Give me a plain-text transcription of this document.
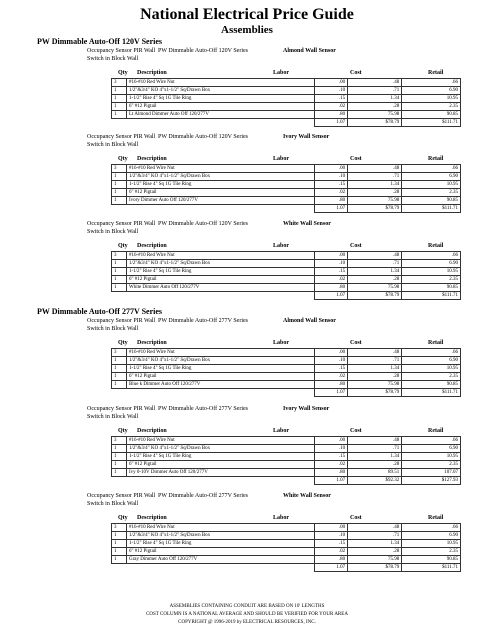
National Electrical Price Guide
Assemblies
PW Dimmable Auto-Off 120V Series
Occupancy Sensor PIR Wall Switch in Block Wall
PW Dimmable Auto-Off 120V Series	Almond Wall Sensor
Qty Description	Labor	Cost	Retail
3	#16-#10 Red Wire Nut	.00	.48	.66
1	1/2"&3/4" KO 4"x1-1/2" Sq/Drawn Box	.10	.71	6.90
1	1-1/2" Rise 4" Sq 1G Tile Ring	.15	1.34	10.95
1	6" #12 Pigtail	.02	.28	2.35
1	Lt Almond Dimmer Auto Off 120/277V	.80	75.98	90.85
		1.07	$78.79	$111.71
Occupancy Sensor PIR Wall Switch in Block Wall
PW Dimmable Auto-Off 120V Series	Ivory Wall Sensor
Qty Description	Labor	Cost	Retail
3	#16-#10 Red Wire Nut	.00	.48	.66
1	1/2"&3/4" KO 4"x1-1/2" Sq/Drawn Box	.10	.71	6.90
1	1-1/2" Rise 4" Sq 1G Tile Ring	.15	1.34	10.95
1	6" #12 Pigtail	.02	.28	2.35
1	Ivory Dimmer Auto Off 120/277V	.80	75.98	90.85
		1.07	$78.79	$111.71
Occupancy Sensor PIR Wall Switch in Block Wall
PW Dimmable Auto-Off 120V Series	White Wall Sensor
Qty Description	Labor	Cost	Retail
3	#16-#10 Red Wire Nut	.00	.48	.66
1	1/2"&3/4" KO 4"x1-1/2" Sq/Drawn Box	.10	.71	6.90
1	1-1/2" Rise 4" Sq 1G Tile Ring	.15	1.34	10.95
1	6" #12 Pigtail	.02	.28	2.35
1	White Dimmer Auto Off 120/277V	.80	75.98	90.85
		1.07	$78.79	$111.71
PW Dimmable Auto-Off 277V Series
Occupancy Sensor PIR Wall Switch in Block Wall
PW Dimmable Auto-Off 277V Series	Almond Wall Sensor
Qty Description	Labor	Cost	Retail
3	#16-#10 Red Wire Nut	.00	.48	.66
1	1/2"&3/4" KO 4"x1-1/2" Sq/Drawn Box	.10	.71	6.90
1	1-1/2" Rise 4" Sq 1G Tile Ring	.15	1.34	10.95
1	6" #12 Pigtail	.02	.28	2.35
1	Blue k Dimmer Auto Off 120/277V	.80	75.98	90.85
		1.07	$78.79	$111.71
Occupancy Sensor PIR Wall Switch in Block Wall
PW Dimmable Auto-Off 277V Series	Ivory Wall Sensor
Qty Description	Labor	Cost	Retail
3	#16-#10 Red Wire Nut	.00	.48	.66
1	1/2"&3/4" KO 4"x1-1/2" Sq/Drawn Box	.10	.71	6.90
1	1-1/2" Rise 4" Sq 1G Tile Ring	.15	1.34	10.95
1	6" #12 Pigtail	.02	.28	2.35
1	Ivy 0-10V Dimmer Auto Off 120/277V	.80	89.51	107.07
		1.07	$92.32	$127.93
Occupancy Sensor PIR Wall Switch in Block Wall
PW Dimmable Auto-Off 277V Series	White Wall Sensor
Qty Description	Labor	Cost	Retail
3	#16-#10 Red Wire Nut	.00	.48	.66
1	1/2"&3/4" KO 4"x1-1/2" Sq/Drawn Box	.10	.71	6.90
1	1-1/2" Rise 4" Sq 1G Tile Ring	.15	1.34	10.95
1	6" #12 Pigtail	.02	.28	2.35
1	Gray Dimmer Auto Off 120/277V	.80	75.98	90.85
		1.07	$78.79	$111.71
ASSEMBLIES CONTAINING CONDUIT ARE BASED ON 10' LENGTHS
COST COLUMN IS A NATIONAL AVERAGE AND SHOULD BE VERIFIED FOR YOUR AREA
COPYRIGHT @ 1996-2019 by ELECTRICAL RESOURCES, INC.
